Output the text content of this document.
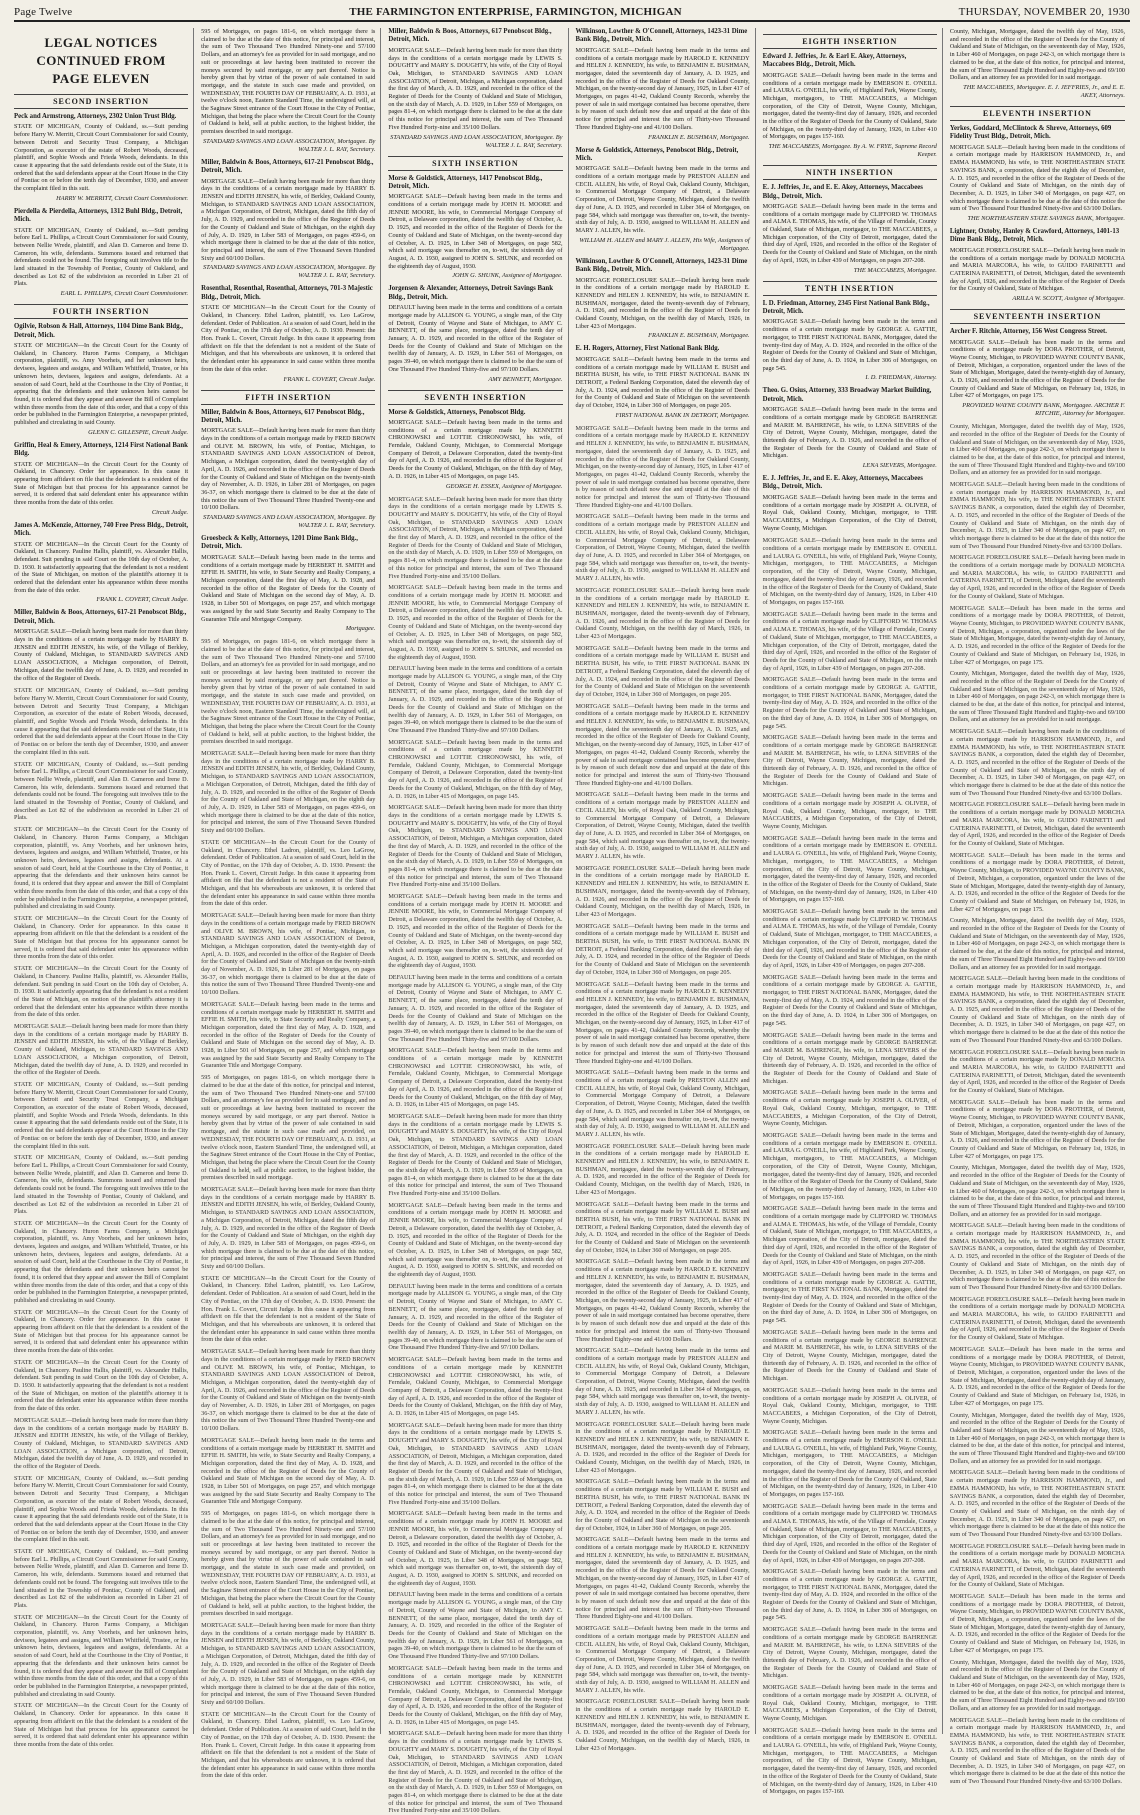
Page Twelve	THE FARMINGTON ENTERPRISE, FARMINGTON, MICHIGAN	THURSDAY, NOVEMBER 20, 1930
LEGAL NOTICES
CONTINUED FROM
PAGE ELEVEN
SECOND INSERTION

Peck and Armstrong, Attorneys, 2302 Union Trust Bldg.

STATE OF MICHIGAN, County of Oakland, ss.—Suit pending before Harry W. Merritt, Circuit Court Commissioner for said County, between Detroit and Security Trust Company, a Michigan Corporation, as executor of the estate of Robert Woods, deceased, plaintiff, and Sophie Woods and Frieda Woods, defendants. In this cause it appearing that the said defendants reside out of the State, it is ordered that the said defendants appear at the Court House in the City of Pontiac on or before the tenth day of December, 1930, and answer the complaint filed in this suit.

HARRY W. MERRITT, Circuit Court Commissioner.

Pierdella & Pierdella, Attorneys, 1312 Buhl Bldg., Detroit, Mich.

STATE OF MICHIGAN, County of Oakland, ss.—Suit pending before Earl L. Phillips, a Circuit Court Commissioner for said County, between Nellie Wrede, plaintiff, and Alan D. Cameron and Irene D. Cameron, his wife, defendants. Summons issued and returned that defendants could not be found. The foregoing suit involves title to the land situated in the Township of Pontiac, County of Oakland, and described as Lot 82 of the subdivision as recorded in Liber 21 of Plats.

EARL L. PHILLIPS, Circuit Court Commissioner.

FOURTH INSERTION

Ogilvie, Robson & Hall, Attorneys, 1104 Dime Bank Bldg., Detroit, Mich.

STATE OF MICHIGAN—In the Circuit Court for the County of Oakland, in Chancery. Huron Farms Company, a Michigan corporation, plaintiff, vs. Amy Voorheis, and her unknown heirs, devisees, legatees and assigns, and William Whitfield, Trustee, or his unknown heirs, devisees, legatees and assigns, defendants. At a session of said Court, held at the Courthouse in the City of Pontiac, it appearing that the defendants and their unknown heirs cannot be found, it is ordered that they appear and answer the Bill of Complaint within three months from the date of this order, and that a copy of this order be published in the Farmington Enterprise, a newspaper printed, published and circulating in said County.

GLENN C. GILLESPIE, Circuit Judge.

Griffin, Heal & Emery, Attorneys, 1214 First National Bank Bldg.

STATE OF MICHIGAN—In the Circuit Court for the County of Oakland, in Chancery. Order for appearance. In this cause it appearing from affidavit on file that the defendant is a resident of the State of Michigan but that process for his appearance cannot be served, it is ordered that said defendant enter his appearance within three months from the date of this order.

Circuit Judge.

James A. McKenzie, Attorney, 740 Free Press Bldg., Detroit, Mich.

STATE OF MICHIGAN—In the Circuit Court for the County of Oakland, in Chancery. Pauline Hallis, plaintiff, vs. Alexander Hallis, defendant. Suit pending in said Court on the 10th day of October, A. D. 1930. It satisfactorily appearing that the defendant is not a resident of the State of Michigan, on motion of the plaintiff's attorney it is ordered that the defendant enter his appearance within three months from the date of this order.

FRANK L. COVERT, Circuit Judge.

Miller, Baldwin & Boos, Attorneys, 617-21 Penobscot Bldg., Detroit, Mich.

MORTGAGE SALE—Default having been made for more than thirty days in the conditions of a certain mortgage made by HARRY B. JENSEN and EDITH JENSEN, his wife, of the Village of Berkley, County of Oakland, Michigan, to STANDARD SAVINGS AND LOAN ASSOCIATION, a Michigan corporation, of Detroit, Michigan, dated the twelfth day of June, A. D. 1929, and recorded in the office of the Register of Deeds.

STATE OF MICHIGAN, County of Oakland, ss.—Suit pending before Harry W. Merritt, Circuit Court Commissioner for said County, between Detroit and Security Trust Company, a Michigan Corporation, as executor of the estate of Robert Woods, deceased, plaintiff, and Sophie Woods and Frieda Woods, defendants. In this cause it appearing that the said defendants reside out of the State, it is ordered that the said defendants appear at the Court House in the City of Pontiac on or before the tenth day of December, 1930, and answer the complaint filed in this suit.

STATE OF MICHIGAN, County of Oakland, ss.—Suit pending before Earl L. Phillips, a Circuit Court Commissioner for said County, between Nellie Wrede, plaintiff, and Alan D. Cameron and Irene D. Cameron, his wife, defendants. Summons issued and returned that defendants could not be found. The foregoing suit involves title to the land situated in the Township of Pontiac, County of Oakland, and described as Lot 82 of the subdivision as recorded in Liber 21 of Plats.

STATE OF MICHIGAN—In the Circuit Court for the County of Oakland, in Chancery. Huron Farms Company, a Michigan corporation, plaintiff, vs. Amy Voorheis, and her unknown heirs, devisees, legatees and assigns, and William Whitfield, Trustee, or his unknown heirs, devisees, legatees and assigns, defendants. At a session of said Court, held at the Courthouse in the City of Pontiac, it appearing that the defendants and their unknown heirs cannot be found, it is ordered that they appear and answer the Bill of Complaint within three months from the date of this order, and that a copy of this order be published in the Farmington Enterprise, a newspaper printed, published and circulating in said County.

STATE OF MICHIGAN—In the Circuit Court for the County of Oakland, in Chancery. Order for appearance. In this cause it appearing from affidavit on file that the defendant is a resident of the State of Michigan but that process for his appearance cannot be served, it is ordered that said defendant enter his appearance within three months from the date of this order.

STATE OF MICHIGAN—In the Circuit Court for the County of Oakland, in Chancery. Pauline Hallis, plaintiff, vs. Alexander Hallis, defendant. Suit pending in said Court on the 10th day of October, A. D. 1930. It satisfactorily appearing that the defendant is not a resident of the State of Michigan, on motion of the plaintiff's attorney it is ordered that the defendant enter his appearance within three months from the date of this order.

MORTGAGE SALE—Default having been made for more than thirty days in the conditions of a certain mortgage made by HARRY B. JENSEN and EDITH JENSEN, his wife, of the Village of Berkley, County of Oakland, Michigan, to STANDARD SAVINGS AND LOAN ASSOCIATION, a Michigan corporation, of Detroit, Michigan, dated the twelfth day of June, A. D. 1929, and recorded in the office of the Register of Deeds.

STATE OF MICHIGAN, County of Oakland, ss.—Suit pending before Harry W. Merritt, Circuit Court Commissioner for said County, between Detroit and Security Trust Company, a Michigan Corporation, as executor of the estate of Robert Woods, deceased, plaintiff, and Sophie Woods and Frieda Woods, defendants. In this cause it appearing that the said defendants reside out of the State, it is ordered that the said defendants appear at the Court House in the City of Pontiac on or before the tenth day of December, 1930, and answer the complaint filed in this suit.

STATE OF MICHIGAN, County of Oakland, ss.—Suit pending before Earl L. Phillips, a Circuit Court Commissioner for said County, between Nellie Wrede, plaintiff, and Alan D. Cameron and Irene D. Cameron, his wife, defendants. Summons issued and returned that defendants could not be found. The foregoing suit involves title to the land situated in the Township of Pontiac, County of Oakland, and described as Lot 82 of the subdivision as recorded in Liber 21 of Plats.

STATE OF MICHIGAN—In the Circuit Court for the County of Oakland, in Chancery. Huron Farms Company, a Michigan corporation, plaintiff, vs. Amy Voorheis, and her unknown heirs, devisees, legatees and assigns, and William Whitfield, Trustee, or his unknown heirs, devisees, legatees and assigns, defendants. At a session of said Court, held at the Courthouse in the City of Pontiac, it appearing that the defendants and their unknown heirs cannot be found, it is ordered that they appear and answer the Bill of Complaint within three months from the date of this order, and that a copy of this order be published in the Farmington Enterprise, a newspaper printed, published and circulating in said County.

STATE OF MICHIGAN—In the Circuit Court for the County of Oakland, in Chancery. Order for appearance. In this cause it appearing from affidavit on file that the defendant is a resident of the State of Michigan but that process for his appearance cannot be served, it is ordered that said defendant enter his appearance within three months from the date of this order.

STATE OF MICHIGAN—In the Circuit Court for the County of Oakland, in Chancery. Pauline Hallis, plaintiff, vs. Alexander Hallis, defendant. Suit pending in said Court on the 10th day of October, A. D. 1930. It satisfactorily appearing that the defendant is not a resident of the State of Michigan, on motion of the plaintiff's attorney it is ordered that the defendant enter his appearance within three months from the date of this order.

MORTGAGE SALE—Default having been made for more than thirty days in the conditions of a certain mortgage made by HARRY B. JENSEN and EDITH JENSEN, his wife, of the Village of Berkley, County of Oakland, Michigan, to STANDARD SAVINGS AND LOAN ASSOCIATION, a Michigan corporation, of Detroit, Michigan, dated the twelfth day of June, A. D. 1929, and recorded in the office of the Register of Deeds.

STATE OF MICHIGAN, County of Oakland, ss.—Suit pending before Harry W. Merritt, Circuit Court Commissioner for said County, between Detroit and Security Trust Company, a Michigan Corporation, as executor of the estate of Robert Woods, deceased, plaintiff, and Sophie Woods and Frieda Woods, defendants. In this cause it appearing that the said defendants reside out of the State, it is ordered that the said defendants appear at the Court House in the City of Pontiac on or before the tenth day of December, 1930, and answer the complaint filed in this suit.

STATE OF MICHIGAN, County of Oakland, ss.—Suit pending before Earl L. Phillips, a Circuit Court Commissioner for said County, between Nellie Wrede, plaintiff, and Alan D. Cameron and Irene D. Cameron, his wife, defendants. Summons issued and returned that defendants could not be found. The foregoing suit involves title to the land situated in the Township of Pontiac, County of Oakland, and described as Lot 82 of the subdivision as recorded in Liber 21 of Plats.

STATE OF MICHIGAN—In the Circuit Court for the County of Oakland, in Chancery. Huron Farms Company, a Michigan corporation, plaintiff, vs. Amy Voorheis, and her unknown heirs, devisees, legatees and assigns, and William Whitfield, Trustee, or his unknown heirs, devisees, legatees and assigns, defendants. At a session of said Court, held at the Courthouse in the City of Pontiac, it appearing that the defendants and their unknown heirs cannot be found, it is ordered that they appear and answer the Bill of Complaint within three months from the date of this order, and that a copy of this order be published in the Farmington Enterprise, a newspaper printed, published and circulating in said County.

STATE OF MICHIGAN—In the Circuit Court for the County of Oakland, in Chancery. Order for appearance. In this cause it appearing from affidavit on file that the defendant is a resident of the State of Michigan but that process for his appearance cannot be served, it is ordered that said defendant enter his appearance within three months from the date of this order.

595 of Mortgages, on pages 181-6, on which mortgage there is claimed to be due at the date of this notice, for principal and interest, the sum of Two Thousand Two Hundred Ninety-one and 57/100 Dollars, and an attorney's fee as provided for in said mortgage, and no suit or proceedings at law having been instituted to recover the moneys secured by said mortgage, or any part thereof. Notice is hereby given that by virtue of the power of sale contained in said mortgage, and the statute in such case made and provided, on WEDNESDAY, THE FOURTH DAY OF FEBRUARY, A. D. 1931, at twelve o'clock noon, Eastern Standard Time, the undersigned will, at the Saginaw Street entrance of the Court House in the City of Pontiac, Michigan, that being the place where the Circuit Court for the County of Oakland is held, sell at public auction, to the highest bidder, the premises described in said mortgage.

STANDARD SAVINGS AND LOAN ASSOCIATION, Mortgagee. By WALTER J. L. RAY, Secretary.

Miller, Baldwin & Boos, Attorneys, 617-21 Penobscot Bldg., Detroit, Mich.

MORTGAGE SALE—Default having been made for more than thirty days in the conditions of a certain mortgage made by HARRY B. JENSEN and EDITH JENSEN, his wife, of Berkley, Oakland County, Michigan, to STANDARD SAVINGS AND LOAN ASSOCIATION, a Michigan Corporation, of Detroit, Michigan, dated the fifth day of July, A. D. 1929, and recorded in the office of the Register of Deeds for the County of Oakland and State of Michigan, on the eighth day of July, A. D. 1929, in Liber 583 of Mortgages, on pages 459-6, on which mortgage there is claimed to be due at the date of this notice, for principal and interest, the sum of Five Thousand Seven Hundred Sixty and 60/100 Dollars.

STANDARD SAVINGS AND LOAN ASSOCIATION, Mortgagee. By WALTER J. L. RAY, Secretary.

Rosenthal, Rosenthal, Rosenthal, Attorneys, 701-3 Majestic Bldg., Detroit, Mich.

STATE OF MICHIGAN—In the Circuit Court for the County of Oakland, in Chancery. Ethel Ladron, plaintiff, vs. Leo LaGrow, defendant. Order of Publication. At a session of said Court, held in the City of Pontiac, on the 17th day of October, A. D. 1930. Present: the Hon. Frank L. Covert, Circuit Judge. In this cause it appearing from affidavit on file that the defendant is not a resident of the State of Michigan, and that his whereabouts are unknown, it is ordered that the defendant enter his appearance in said cause within three months from the date of this order.

FRANK L. COVERT, Circuit Judge.

FIFTH INSERTION

Miller, Baldwin & Boos, Attorneys, 617 Penobscot Bldg., Detroit, Mich.

MORTGAGE SALE—Default having been made for more than thirty days in the conditions of a certain mortgage made by FRED BROWN and OLIVE M. BROWN, his wife, of Pontiac, Michigan, to STANDARD SAVINGS AND LOAN ASSOCIATION of Detroit, Michigan, a Michigan corporation, dated the twenty-eighth day of April, A. D. 1926, and recorded in the office of the Register of Deeds for the County of Oakland and State of Michigan on the twenty-ninth day of November, A. D. 1926, in Liber 281 of Mortgages, on pages 36-37, on which mortgage there is claimed to be due at the date of this notice the sum of Two Thousand Three Hundred Twenty-one and 10/100 Dollars.

STANDARD SAVINGS AND LOAN ASSOCIATION, Mortgagee. By WALTER J. L. RAY, Secretary.

Groesbeck & Kelly, Attorneys, 1201 Dime Bank Bldg., Detroit, Mich.

MORTGAGE SALE—Default having been made in the terms and conditions of a certain mortgage made by HERBERT H. SMITH and EFFIE H. SMITH, his wife, to State Security and Realty Company, a Michigan corporation, dated the first day of May, A. D. 1928, and recorded in the office of the Register of Deeds for the County of Oakland and State of Michigan on the second day of May, A. D. 1928, in Liber 501 of Mortgages, on page 257, and which mortgage was assigned by the said State Security and Realty Company to The Guarantee Title and Mortgage Company.

Mortgagee.

595 of Mortgages, on pages 181-6, on which mortgage there is claimed to be due at the date of this notice, for principal and interest, the sum of Two Thousand Two Hundred Ninety-one and 57/100 Dollars, and an attorney's fee as provided for in said mortgage, and no suit or proceedings at law having been instituted to recover the moneys secured by said mortgage, or any part thereof. Notice is hereby given that by virtue of the power of sale contained in said mortgage, and the statute in such case made and provided, on WEDNESDAY, THE FOURTH DAY OF FEBRUARY, A. D. 1931, at twelve o'clock noon, Eastern Standard Time, the undersigned will, at the Saginaw Street entrance of the Court House in the City of Pontiac, Michigan, that being the place where the Circuit Court for the County of Oakland is held, sell at public auction, to the highest bidder, the premises described in said mortgage.

MORTGAGE SALE—Default having been made for more than thirty days in the conditions of a certain mortgage made by HARRY B. JENSEN and EDITH JENSEN, his wife, of Berkley, Oakland County, Michigan, to STANDARD SAVINGS AND LOAN ASSOCIATION, a Michigan Corporation, of Detroit, Michigan, dated the fifth day of July, A. D. 1929, and recorded in the office of the Register of Deeds for the County of Oakland and State of Michigan, on the eighth day of July, A. D. 1929, in Liber 583 of Mortgages, on pages 459-6, on which mortgage there is claimed to be due at the date of this notice, for principal and interest, the sum of Five Thousand Seven Hundred Sixty and 60/100 Dollars.

STATE OF MICHIGAN—In the Circuit Court for the County of Oakland, in Chancery. Ethel Ladron, plaintiff, vs. Leo LaGrow, defendant. Order of Publication. At a session of said Court, held in the City of Pontiac, on the 17th day of October, A. D. 1930. Present: the Hon. Frank L. Covert, Circuit Judge. In this cause it appearing from affidavit on file that the defendant is not a resident of the State of Michigan, and that his whereabouts are unknown, it is ordered that the defendant enter his appearance in said cause within three months from the date of this order.

MORTGAGE SALE—Default having been made for more than thirty days in the conditions of a certain mortgage made by FRED BROWN and OLIVE M. BROWN, his wife, of Pontiac, Michigan, to STANDARD SAVINGS AND LOAN ASSOCIATION of Detroit, Michigan, a Michigan corporation, dated the twenty-eighth day of April, A. D. 1926, and recorded in the office of the Register of Deeds for the County of Oakland and State of Michigan on the twenty-ninth day of November, A. D. 1926, in Liber 281 of Mortgages, on pages 36-37, on which mortgage there is claimed to be due at the date of this notice the sum of Two Thousand Three Hundred Twenty-one and 10/100 Dollars.

MORTGAGE SALE—Default having been made in the terms and conditions of a certain mortgage made by HERBERT H. SMITH and EFFIE H. SMITH, his wife, to State Security and Realty Company, a Michigan corporation, dated the first day of May, A. D. 1928, and recorded in the office of the Register of Deeds for the County of Oakland and State of Michigan on the second day of May, A. D. 1928, in Liber 501 of Mortgages, on page 257, and which mortgage was assigned by the said State Security and Realty Company to The Guarantee Title and Mortgage Company.

595 of Mortgages, on pages 181-6, on which mortgage there is claimed to be due at the date of this notice, for principal and interest, the sum of Two Thousand Two Hundred Ninety-one and 57/100 Dollars, and an attorney's fee as provided for in said mortgage, and no suit or proceedings at law having been instituted to recover the moneys secured by said mortgage, or any part thereof. Notice is hereby given that by virtue of the power of sale contained in said mortgage, and the statute in such case made and provided, on WEDNESDAY, THE FOURTH DAY OF FEBRUARY, A. D. 1931, at twelve o'clock noon, Eastern Standard Time, the undersigned will, at the Saginaw Street entrance of the Court House in the City of Pontiac, Michigan, that being the place where the Circuit Court for the County of Oakland is held, sell at public auction, to the highest bidder, the premises described in said mortgage.

MORTGAGE SALE—Default having been made for more than thirty days in the conditions of a certain mortgage made by HARRY B. JENSEN and EDITH JENSEN, his wife, of Berkley, Oakland County, Michigan, to STANDARD SAVINGS AND LOAN ASSOCIATION, a Michigan Corporation, of Detroit, Michigan, dated the fifth day of July, A. D. 1929, and recorded in the office of the Register of Deeds for the County of Oakland and State of Michigan, on the eighth day of July, A. D. 1929, in Liber 583 of Mortgages, on pages 459-6, on which mortgage there is claimed to be due at the date of this notice, for principal and interest, the sum of Five Thousand Seven Hundred Sixty and 60/100 Dollars.

STATE OF MICHIGAN—In the Circuit Court for the County of Oakland, in Chancery. Ethel Ladron, plaintiff, vs. Leo LaGrow, defendant. Order of Publication. At a session of said Court, held in the City of Pontiac, on the 17th day of October, A. D. 1930. Present: the Hon. Frank L. Covert, Circuit Judge. In this cause it appearing from affidavit on file that the defendant is not a resident of the State of Michigan, and that his whereabouts are unknown, it is ordered that the defendant enter his appearance in said cause within three months from the date of this order.

MORTGAGE SALE—Default having been made for more than thirty days in the conditions of a certain mortgage made by FRED BROWN and OLIVE M. BROWN, his wife, of Pontiac, Michigan, to STANDARD SAVINGS AND LOAN ASSOCIATION of Detroit, Michigan, a Michigan corporation, dated the twenty-eighth day of April, A. D. 1926, and recorded in the office of the Register of Deeds for the County of Oakland and State of Michigan on the twenty-ninth day of November, A. D. 1926, in Liber 281 of Mortgages, on pages 36-37, on which mortgage there is claimed to be due at the date of this notice the sum of Two Thousand Three Hundred Twenty-one and 10/100 Dollars.

MORTGAGE SALE—Default having been made in the terms and conditions of a certain mortgage made by HERBERT H. SMITH and EFFIE H. SMITH, his wife, to State Security and Realty Company, a Michigan corporation, dated the first day of May, A. D. 1928, and recorded in the office of the Register of Deeds for the County of Oakland and State of Michigan on the second day of May, A. D. 1928, in Liber 501 of Mortgages, on page 257, and which mortgage was assigned by the said State Security and Realty Company to The Guarantee Title and Mortgage Company.

595 of Mortgages, on pages 181-6, on which mortgage there is claimed to be due at the date of this notice, for principal and interest, the sum of Two Thousand Two Hundred Ninety-one and 57/100 Dollars, and an attorney's fee as provided for in said mortgage, and no suit or proceedings at law having been instituted to recover the moneys secured by said mortgage, or any part thereof. Notice is hereby given that by virtue of the power of sale contained in said mortgage, and the statute in such case made and provided, on WEDNESDAY, THE FOURTH DAY OF FEBRUARY, A. D. 1931, at twelve o'clock noon, Eastern Standard Time, the undersigned will, at the Saginaw Street entrance of the Court House in the City of Pontiac, Michigan, that being the place where the Circuit Court for the County of Oakland is held, sell at public auction, to the highest bidder, the premises described in said mortgage.

MORTGAGE SALE—Default having been made for more than thirty days in the conditions of a certain mortgage made by HARRY B. JENSEN and EDITH JENSEN, his wife, of Berkley, Oakland County, Michigan, to STANDARD SAVINGS AND LOAN ASSOCIATION, a Michigan Corporation, of Detroit, Michigan, dated the fifth day of July, A. D. 1929, and recorded in the office of the Register of Deeds for the County of Oakland and State of Michigan, on the eighth day of July, A. D. 1929, in Liber 583 of Mortgages, on pages 459-6, on which mortgage there is claimed to be due at the date of this notice, for principal and interest, the sum of Five Thousand Seven Hundred Sixty and 60/100 Dollars.

STATE OF MICHIGAN—In the Circuit Court for the County of Oakland, in Chancery. Ethel Ladron, plaintiff, vs. Leo LaGrow, defendant. Order of Publication. At a session of said Court, held in the City of Pontiac, on the 17th day of October, A. D. 1930. Present: the Hon. Frank L. Covert, Circuit Judge. In this cause it appearing from affidavit on file that the defendant is not a resident of the State of Michigan, and that his whereabouts are unknown, it is ordered that the defendant enter his appearance in said cause within three months from the date of this order.

Miller, Baldwin & Boos, Attorneys, 617 Penobscot Bldg., Detroit, Mich.

MORTGAGE SALE—Default having been made for more than thirty days in the conditions of a certain mortgage made by LEWIS S. DOUGHTY and MARY S. DOUGHTY, his wife, of the City of Royal Oak, Michigan, to STANDARD SAVINGS AND LOAN ASSOCIATION, of Detroit, Michigan, a Michigan corporation, dated the first day of March, A. D. 1929, and recorded in the office of the Register of Deeds for the County of Oakland and State of Michigan, on the sixth day of March, A. D. 1929, in Liber 559 of Mortgages, on pages 81-4, on which mortgage there is claimed to be due at the date of this notice for principal and interest, the sum of Two Thousand Five Hundred Forty-nine and 35/100 Dollars.

STANDARD SAVINGS AND LOAN ASSOCIATION, Mortgagee. By WALTER J. L. RAY, Secretary.

SIXTH INSERTION

Morse & Goldstick, Attorneys, 1417 Penobscot Bldg., Detroit, Mich.

MORTGAGE SALE—Default having been made in the terms and conditions of a certain mortgage made by JOHN H. MOORE and JENNIE MOORE, his wife, to Commercial Mortgage Company of Detroit, a Delaware corporation, dated the twelfth day of October, A. D. 1925, and recorded in the office of the Register of Deeds for the County of Oakland and State of Michigan, on the twenty-second day of October, A. D. 1925, in Liber 348 of Mortgages, on page 582, which said mortgage was thereafter on, to-wit, the sixteenth day of August, A. D. 1930, assigned to JOHN S. SHUNK, and recorded on the eighteenth day of August, 1930.

JOHN G. SHUNK, Assignee of Mortgagee.

Jorgensen & Alexander, Attorneys, Detroit Savings Bank Bldg., Detroit, Mich.

DEFAULT having been made in the terms and conditions of a certain mortgage made by ALLISON G. YOUNG, a single man, of the City of Detroit, County of Wayne and State of Michigan, to AMY C. BENNETT, of the same place, mortgagee, dated the tenth day of January, A. D. 1929, and recorded in the office of the Register of Deeds for the County of Oakland and State of Michigan on the twelfth day of January, A. D. 1929, in Liber 561 of Mortgages, on pages 39-40, on which mortgage there is claimed to be due the sum of One Thousand Five Hundred Thirty-five and 97/100 Dollars.

AMY BENNETT, Mortgagee.

SEVENTH INSERTION

Morse & Goldstick, Attorneys, Penobscot Bldg.

MORTGAGE SALE—Default having been made in the terms and conditions of a certain mortgage made by KENNETH CHRONOWSKI and LOTTIE CHRONOWSKI, his wife, of Ferndale, Oakland County, Michigan, to Commercial Mortgage Company of Detroit, a Delaware Corporation, dated the twenty-first day of April, A. D. 1926, and recorded in the office of the Register of Deeds for the County of Oakland, Michigan, on the fifth day of May, A. D. 1926, in Liber 415 of Mortgages, on page 145.

GEORGE H. ESSEX, Assignee of Mortgagee.

MORTGAGE SALE—Default having been made for more than thirty days in the conditions of a certain mortgage made by LEWIS S. DOUGHTY and MARY S. DOUGHTY, his wife, of the City of Royal Oak, Michigan, to STANDARD SAVINGS AND LOAN ASSOCIATION, of Detroit, Michigan, a Michigan corporation, dated the first day of March, A. D. 1929, and recorded in the office of the Register of Deeds for the County of Oakland and State of Michigan, on the sixth day of March, A. D. 1929, in Liber 559 of Mortgages, on pages 81-4, on which mortgage there is claimed to be due at the date of this notice for principal and interest, the sum of Two Thousand Five Hundred Forty-nine and 35/100 Dollars.

MORTGAGE SALE—Default having been made in the terms and conditions of a certain mortgage made by JOHN H. MOORE and JENNIE MOORE, his wife, to Commercial Mortgage Company of Detroit, a Delaware corporation, dated the twelfth day of October, A. D. 1925, and recorded in the office of the Register of Deeds for the County of Oakland and State of Michigan, on the twenty-second day of October, A. D. 1925, in Liber 348 of Mortgages, on page 582, which said mortgage was thereafter on, to-wit, the sixteenth day of August, A. D. 1930, assigned to JOHN S. SHUNK, and recorded on the eighteenth day of August, 1930.

DEFAULT having been made in the terms and conditions of a certain mortgage made by ALLISON G. YOUNG, a single man, of the City of Detroit, County of Wayne and State of Michigan, to AMY C. BENNETT, of the same place, mortgagee, dated the tenth day of January, A. D. 1929, and recorded in the office of the Register of Deeds for the County of Oakland and State of Michigan on the twelfth day of January, A. D. 1929, in Liber 561 of Mortgages, on pages 39-40, on which mortgage there is claimed to be due the sum of One Thousand Five Hundred Thirty-five and 97/100 Dollars.

MORTGAGE SALE—Default having been made in the terms and conditions of a certain mortgage made by KENNETH CHRONOWSKI and LOTTIE CHRONOWSKI, his wife, of Ferndale, Oakland County, Michigan, to Commercial Mortgage Company of Detroit, a Delaware Corporation, dated the twenty-first day of April, A. D. 1926, and recorded in the office of the Register of Deeds for the County of Oakland, Michigan, on the fifth day of May, A. D. 1926, in Liber 415 of Mortgages, on page 145.

MORTGAGE SALE—Default having been made for more than thirty days in the conditions of a certain mortgage made by LEWIS S. DOUGHTY and MARY S. DOUGHTY, his wife, of the City of Royal Oak, Michigan, to STANDARD SAVINGS AND LOAN ASSOCIATION, of Detroit, Michigan, a Michigan corporation, dated the first day of March, A. D. 1929, and recorded in the office of the Register of Deeds for the County of Oakland and State of Michigan, on the sixth day of March, A. D. 1929, in Liber 559 of Mortgages, on pages 81-4, on which mortgage there is claimed to be due at the date of this notice for principal and interest, the sum of Two Thousand Five Hundred Forty-nine and 35/100 Dollars.

MORTGAGE SALE—Default having been made in the terms and conditions of a certain mortgage made by JOHN H. MOORE and JENNIE MOORE, his wife, to Commercial Mortgage Company of Detroit, a Delaware corporation, dated the twelfth day of October, A. D. 1925, and recorded in the office of the Register of Deeds for the County of Oakland and State of Michigan, on the twenty-second day of October, A. D. 1925, in Liber 348 of Mortgages, on page 582, which said mortgage was thereafter on, to-wit, the sixteenth day of August, A. D. 1930, assigned to JOHN S. SHUNK, and recorded on the eighteenth day of August, 1930.

DEFAULT having been made in the terms and conditions of a certain mortgage made by ALLISON G. YOUNG, a single man, of the City of Detroit, County of Wayne and State of Michigan, to AMY C. BENNETT, of the same place, mortgagee, dated the tenth day of January, A. D. 1929, and recorded in the office of the Register of Deeds for the County of Oakland and State of Michigan on the twelfth day of January, A. D. 1929, in Liber 561 of Mortgages, on pages 39-40, on which mortgage there is claimed to be due the sum of One Thousand Five Hundred Thirty-five and 97/100 Dollars.

MORTGAGE SALE—Default having been made in the terms and conditions of a certain mortgage made by KENNETH CHRONOWSKI and LOTTIE CHRONOWSKI, his wife, of Ferndale, Oakland County, Michigan, to Commercial Mortgage Company of Detroit, a Delaware Corporation, dated the twenty-first day of April, A. D. 1926, and recorded in the office of the Register of Deeds for the County of Oakland, Michigan, on the fifth day of May, A. D. 1926, in Liber 415 of Mortgages, on page 145.

MORTGAGE SALE—Default having been made for more than thirty days in the conditions of a certain mortgage made by LEWIS S. DOUGHTY and MARY S. DOUGHTY, his wife, of the City of Royal Oak, Michigan, to STANDARD SAVINGS AND LOAN ASSOCIATION, of Detroit, Michigan, a Michigan corporation, dated the first day of March, A. D. 1929, and recorded in the office of the Register of Deeds for the County of Oakland and State of Michigan, on the sixth day of March, A. D. 1929, in Liber 559 of Mortgages, on pages 81-4, on which mortgage there is claimed to be due at the date of this notice for principal and interest, the sum of Two Thousand Five Hundred Forty-nine and 35/100 Dollars.

MORTGAGE SALE—Default having been made in the terms and conditions of a certain mortgage made by JOHN H. MOORE and JENNIE MOORE, his wife, to Commercial Mortgage Company of Detroit, a Delaware corporation, dated the twelfth day of October, A. D. 1925, and recorded in the office of the Register of Deeds for the County of Oakland and State of Michigan, on the twenty-second day of October, A. D. 1925, in Liber 348 of Mortgages, on page 582, which said mortgage was thereafter on, to-wit, the sixteenth day of August, A. D. 1930, assigned to JOHN S. SHUNK, and recorded on the eighteenth day of August, 1930.

DEFAULT having been made in the terms and conditions of a certain mortgage made by ALLISON G. YOUNG, a single man, of the City of Detroit, County of Wayne and State of Michigan, to AMY C. BENNETT, of the same place, mortgagee, dated the tenth day of January, A. D. 1929, and recorded in the office of the Register of Deeds for the County of Oakland and State of Michigan on the twelfth day of January, A. D. 1929, in Liber 561 of Mortgages, on pages 39-40, on which mortgage there is claimed to be due the sum of One Thousand Five Hundred Thirty-five and 97/100 Dollars.

MORTGAGE SALE—Default having been made in the terms and conditions of a certain mortgage made by KENNETH CHRONOWSKI and LOTTIE CHRONOWSKI, his wife, of Ferndale, Oakland County, Michigan, to Commercial Mortgage Company of Detroit, a Delaware Corporation, dated the twenty-first day of April, A. D. 1926, and recorded in the office of the Register of Deeds for the County of Oakland, Michigan, on the fifth day of May, A. D. 1926, in Liber 415 of Mortgages, on page 145.

MORTGAGE SALE—Default having been made for more than thirty days in the conditions of a certain mortgage made by LEWIS S. DOUGHTY and MARY S. DOUGHTY, his wife, of the City of Royal Oak, Michigan, to STANDARD SAVINGS AND LOAN ASSOCIATION, of Detroit, Michigan, a Michigan corporation, dated the first day of March, A. D. 1929, and recorded in the office of the Register of Deeds for the County of Oakland and State of Michigan, on the sixth day of March, A. D. 1929, in Liber 559 of Mortgages, on pages 81-4, on which mortgage there is claimed to be due at the date of this notice for principal and interest, the sum of Two Thousand Five Hundred Forty-nine and 35/100 Dollars.

MORTGAGE SALE—Default having been made in the terms and conditions of a certain mortgage made by JOHN H. MOORE and JENNIE MOORE, his wife, to Commercial Mortgage Company of Detroit, a Delaware corporation, dated the twelfth day of October, A. D. 1925, and recorded in the office of the Register of Deeds for the County of Oakland and State of Michigan, on the twenty-second day of October, A. D. 1925, in Liber 348 of Mortgages, on page 582, which said mortgage was thereafter on, to-wit, the sixteenth day of August, A. D. 1930, assigned to JOHN S. SHUNK, and recorded on the eighteenth day of August, 1930.

DEFAULT having been made in the terms and conditions of a certain mortgage made by ALLISON G. YOUNG, a single man, of the City of Detroit, County of Wayne and State of Michigan, to AMY C. BENNETT, of the same place, mortgagee, dated the tenth day of January, A. D. 1929, and recorded in the office of the Register of Deeds for the County of Oakland and State of Michigan on the twelfth day of January, A. D. 1929, in Liber 561 of Mortgages, on pages 39-40, on which mortgage there is claimed to be due the sum of One Thousand Five Hundred Thirty-five and 97/100 Dollars.

MORTGAGE SALE—Default having been made in the terms and conditions of a certain mortgage made by KENNETH CHRONOWSKI and LOTTIE CHRONOWSKI, his wife, of Ferndale, Oakland County, Michigan, to Commercial Mortgage Company of Detroit, a Delaware Corporation, dated the twenty-first day of April, A. D. 1926, and recorded in the office of the Register of Deeds for the County of Oakland, Michigan, on the fifth day of May, A. D. 1926, in Liber 415 of Mortgages, on page 145.

MORTGAGE SALE—Default having been made for more than thirty days in the conditions of a certain mortgage made by LEWIS S. DOUGHTY and MARY S. DOUGHTY, his wife, of the City of Royal Oak, Michigan, to STANDARD SAVINGS AND LOAN ASSOCIATION, of Detroit, Michigan, a Michigan corporation, dated the first day of March, A. D. 1929, and recorded in the office of the Register of Deeds for the County of Oakland and State of Michigan, on the sixth day of March, A. D. 1929, in Liber 559 of Mortgages, on pages 81-4, on which mortgage there is claimed to be due at the date of this notice for principal and interest, the sum of Two Thousand Five Hundred Forty-nine and 35/100 Dollars.

Wilkinson, Lowther & O'Connell, Attorneys, 1423-31 Dime Bank Bldg., Detroit, Mich.

MORTGAGE SALE—Default having been made in the terms and conditions of a certain mortgage made by HAROLD E. KENNEDY and HELEN J. KENNEDY, his wife, to BENJAMIN E. BUSHMAN, mortgagee, dated the seventeenth day of January, A. D. 1925, and recorded in the office of the Register of Deeds for Oakland County, Michigan, on the twenty-second day of January, 1925, in Liber 417 of Mortgages, on pages 41-42, Oakland County Records, whereby the power of sale in said mortgage contained has become operative, there is by reason of such default now due and unpaid at the date of this notice for principal and interest the sum of Thirty-two Thousand Three Hundred Eighty-one and 41/100 Dollars.

FRANKLIN E. BUSHMAN, Mortgagee.

Morse & Goldstick, Attorneys, Penobscot Bldg., Detroit, Mich.

MORTGAGE SALE—Default having been made in the terms and conditions of a certain mortgage made by PRESTON ALLEN and CECIL ALLEN, his wife, of Royal Oak, Oakland County, Michigan, to Commercial Mortgage Company of Detroit, a Delaware Corporation, of Detroit, Wayne County, Michigan, dated the twelfth day of June, A. D. 1925, and recorded in Liber 364 of Mortgages, on page 584, which said mortgage was thereafter on, to-wit, the twenty-sixth day of July, A. D. 1930, assigned to WILLIAM H. ALLEN and MARY J. ALLEN, his wife.

WILLIAM H. ALLEN and MARY J. ALLEN, His Wife, Assignees of Mortgagee.

Wilkinson, Lowther & O'Connell, Attorneys, 1423-31 Dime Bank Bldg., Detroit, Mich.

MORTGAGE FORECLOSURE SALE—Default having been made in the conditions of a certain mortgage made by HAROLD E. KENNEDY and HELEN J. KENNEDY, his wife, to BENJAMIN E. BUSHMAN, mortgagee, dated the twenty-seventh day of February, A. D. 1926, and recorded in the office of the Register of Deeds for Oakland County, Michigan, on the twelfth day of March, 1926, in Liber 423 of Mortgages.

FRANKLIN E. BUSHMAN, Mortgagee.

E. H. Rogers, Attorney, First National Bank Bldg.

MORTGAGE SALE—Default having been made in the terms and conditions of a certain mortgage made by WILLIAM E. BUSH and BERTHA BUSH, his wife, to THE FIRST NATIONAL BANK IN DETROIT, a Federal Banking Corporation, dated the eleventh day of July, A. D. 1924, and recorded in the office of the Register of Deeds for the County of Oakland and State of Michigan on the seventeenth day of October, 1924, in Liber 360 of Mortgages, on page 205.

FIRST NATIONAL BANK IN DETROIT, Mortgagee.

MORTGAGE SALE—Default having been made in the terms and conditions of a certain mortgage made by HAROLD E. KENNEDY and HELEN J. KENNEDY, his wife, to BENJAMIN E. BUSHMAN, mortgagee, dated the seventeenth day of January, A. D. 1925, and recorded in the office of the Register of Deeds for Oakland County, Michigan, on the twenty-second day of January, 1925, in Liber 417 of Mortgages, on pages 41-42, Oakland County Records, whereby the power of sale in said mortgage contained has become operative, there is by reason of such default now due and unpaid at the date of this notice for principal and interest the sum of Thirty-two Thousand Three Hundred Eighty-one and 41/100 Dollars.

MORTGAGE SALE—Default having been made in the terms and conditions of a certain mortgage made by PRESTON ALLEN and CECIL ALLEN, his wife, of Royal Oak, Oakland County, Michigan, to Commercial Mortgage Company of Detroit, a Delaware Corporation, of Detroit, Wayne County, Michigan, dated the twelfth day of June, A. D. 1925, and recorded in Liber 364 of Mortgages, on page 584, which said mortgage was thereafter on, to-wit, the twenty-sixth day of July, A. D. 1930, assigned to WILLIAM H. ALLEN and MARY J. ALLEN, his wife.

MORTGAGE FORECLOSURE SALE—Default having been made in the conditions of a certain mortgage made by HAROLD E. KENNEDY and HELEN J. KENNEDY, his wife, to BENJAMIN E. BUSHMAN, mortgagee, dated the twenty-seventh day of February, A. D. 1926, and recorded in the office of the Register of Deeds for Oakland County, Michigan, on the twelfth day of March, 1926, in Liber 423 of Mortgages.

MORTGAGE SALE—Default having been made in the terms and conditions of a certain mortgage made by WILLIAM E. BUSH and BERTHA BUSH, his wife, to THE FIRST NATIONAL BANK IN DETROIT, a Federal Banking Corporation, dated the eleventh day of July, A. D. 1924, and recorded in the office of the Register of Deeds for the County of Oakland and State of Michigan on the seventeenth day of October, 1924, in Liber 360 of Mortgages, on page 205.

MORTGAGE SALE—Default having been made in the terms and conditions of a certain mortgage made by HAROLD E. KENNEDY and HELEN J. KENNEDY, his wife, to BENJAMIN E. BUSHMAN, mortgagee, dated the seventeenth day of January, A. D. 1925, and recorded in the office of the Register of Deeds for Oakland County, Michigan, on the twenty-second day of January, 1925, in Liber 417 of Mortgages, on pages 41-42, Oakland County Records, whereby the power of sale in said mortgage contained has become operative, there is by reason of such default now due and unpaid at the date of this notice for principal and interest the sum of Thirty-two Thousand Three Hundred Eighty-one and 41/100 Dollars.

MORTGAGE SALE—Default having been made in the terms and conditions of a certain mortgage made by PRESTON ALLEN and CECIL ALLEN, his wife, of Royal Oak, Oakland County, Michigan, to Commercial Mortgage Company of Detroit, a Delaware Corporation, of Detroit, Wayne County, Michigan, dated the twelfth day of June, A. D. 1925, and recorded in Liber 364 of Mortgages, on page 584, which said mortgage was thereafter on, to-wit, the twenty-sixth day of July, A. D. 1930, assigned to WILLIAM H. ALLEN and MARY J. ALLEN, his wife.

MORTGAGE FORECLOSURE SALE—Default having been made in the conditions of a certain mortgage made by HAROLD E. KENNEDY and HELEN J. KENNEDY, his wife, to BENJAMIN E. BUSHMAN, mortgagee, dated the twenty-seventh day of February, A. D. 1926, and recorded in the office of the Register of Deeds for Oakland County, Michigan, on the twelfth day of March, 1926, in Liber 423 of Mortgages.

MORTGAGE SALE—Default having been made in the terms and conditions of a certain mortgage made by WILLIAM E. BUSH and BERTHA BUSH, his wife, to THE FIRST NATIONAL BANK IN DETROIT, a Federal Banking Corporation, dated the eleventh day of July, A. D. 1924, and recorded in the office of the Register of Deeds for the County of Oakland and State of Michigan on the seventeenth day of October, 1924, in Liber 360 of Mortgages, on page 205.

MORTGAGE SALE—Default having been made in the terms and conditions of a certain mortgage made by HAROLD E. KENNEDY and HELEN J. KENNEDY, his wife, to BENJAMIN E. BUSHMAN, mortgagee, dated the seventeenth day of January, A. D. 1925, and recorded in the office of the Register of Deeds for Oakland County, Michigan, on the twenty-second day of January, 1925, in Liber 417 of Mortgages, on pages 41-42, Oakland County Records, whereby the power of sale in said mortgage contained has become operative, there is by reason of such default now due and unpaid at the date of this notice for principal and interest the sum of Thirty-two Thousand Three Hundred Eighty-one and 41/100 Dollars.

MORTGAGE SALE—Default having been made in the terms and conditions of a certain mortgage made by PRESTON ALLEN and CECIL ALLEN, his wife, of Royal Oak, Oakland County, Michigan, to Commercial Mortgage Company of Detroit, a Delaware Corporation, of Detroit, Wayne County, Michigan, dated the twelfth day of June, A. D. 1925, and recorded in Liber 364 of Mortgages, on page 584, which said mortgage was thereafter on, to-wit, the twenty-sixth day of July, A. D. 1930, assigned to WILLIAM H. ALLEN and MARY J. ALLEN, his wife.

MORTGAGE FORECLOSURE SALE—Default having been made in the conditions of a certain mortgage made by HAROLD E. KENNEDY and HELEN J. KENNEDY, his wife, to BENJAMIN E. BUSHMAN, mortgagee, dated the twenty-seventh day of February, A. D. 1926, and recorded in the office of the Register of Deeds for Oakland County, Michigan, on the twelfth day of March, 1926, in Liber 423 of Mortgages.

MORTGAGE SALE—Default having been made in the terms and conditions of a certain mortgage made by WILLIAM E. BUSH and BERTHA BUSH, his wife, to THE FIRST NATIONAL BANK IN DETROIT, a Federal Banking Corporation, dated the eleventh day of July, A. D. 1924, and recorded in the office of the Register of Deeds for the County of Oakland and State of Michigan on the seventeenth day of October, 1924, in Liber 360 of Mortgages, on page 205.

MORTGAGE SALE—Default having been made in the terms and conditions of a certain mortgage made by HAROLD E. KENNEDY and HELEN J. KENNEDY, his wife, to BENJAMIN E. BUSHMAN, mortgagee, dated the seventeenth day of January, A. D. 1925, and recorded in the office of the Register of Deeds for Oakland County, Michigan, on the twenty-second day of January, 1925, in Liber 417 of Mortgages, on pages 41-42, Oakland County Records, whereby the power of sale in said mortgage contained has become operative, there is by reason of such default now due and unpaid at the date of this notice for principal and interest the sum of Thirty-two Thousand Three Hundred Eighty-one and 41/100 Dollars.

MORTGAGE SALE—Default having been made in the terms and conditions of a certain mortgage made by PRESTON ALLEN and CECIL ALLEN, his wife, of Royal Oak, Oakland County, Michigan, to Commercial Mortgage Company of Detroit, a Delaware Corporation, of Detroit, Wayne County, Michigan, dated the twelfth day of June, A. D. 1925, and recorded in Liber 364 of Mortgages, on page 584, which said mortgage was thereafter on, to-wit, the twenty-sixth day of July, A. D. 1930, assigned to WILLIAM H. ALLEN and MARY J. ALLEN, his wife.

MORTGAGE FORECLOSURE SALE—Default having been made in the conditions of a certain mortgage made by HAROLD E. KENNEDY and HELEN J. KENNEDY, his wife, to BENJAMIN E. BUSHMAN, mortgagee, dated the twenty-seventh day of February, A. D. 1926, and recorded in the office of the Register of Deeds for Oakland County, Michigan, on the twelfth day of March, 1926, in Liber 423 of Mortgages.

MORTGAGE SALE—Default having been made in the terms and conditions of a certain mortgage made by WILLIAM E. BUSH and BERTHA BUSH, his wife, to THE FIRST NATIONAL BANK IN DETROIT, a Federal Banking Corporation, dated the eleventh day of July, A. D. 1924, and recorded in the office of the Register of Deeds for the County of Oakland and State of Michigan on the seventeenth day of October, 1924, in Liber 360 of Mortgages, on page 205.

MORTGAGE SALE—Default having been made in the terms and conditions of a certain mortgage made by HAROLD E. KENNEDY and HELEN J. KENNEDY, his wife, to BENJAMIN E. BUSHMAN, mortgagee, dated the seventeenth day of January, A. D. 1925, and recorded in the office of the Register of Deeds for Oakland County, Michigan, on the twenty-second day of January, 1925, in Liber 417 of Mortgages, on pages 41-42, Oakland County Records, whereby the power of sale in said mortgage contained has become operative, there is by reason of such default now due and unpaid at the date of this notice for principal and interest the sum of Thirty-two Thousand Three Hundred Eighty-one and 41/100 Dollars.

MORTGAGE SALE—Default having been made in the terms and conditions of a certain mortgage made by PRESTON ALLEN and CECIL ALLEN, his wife, of Royal Oak, Oakland County, Michigan, to Commercial Mortgage Company of Detroit, a Delaware Corporation, of Detroit, Wayne County, Michigan, dated the twelfth day of June, A. D. 1925, and recorded in Liber 364 of Mortgages, on page 584, which said mortgage was thereafter on, to-wit, the twenty-sixth day of July, A. D. 1930, assigned to WILLIAM H. ALLEN and MARY J. ALLEN, his wife.

MORTGAGE FORECLOSURE SALE—Default having been made in the conditions of a certain mortgage made by HAROLD E. KENNEDY and HELEN J. KENNEDY, his wife, to BENJAMIN E. BUSHMAN, mortgagee, dated the twenty-seventh day of February, A. D. 1926, and recorded in the office of the Register of Deeds for Oakland County, Michigan, on the twelfth day of March, 1926, in Liber 423 of Mortgages.

EIGHTH INSERTION

Edward J. Jeffries, Jr. & Earl E. Akey, Attorneys, Maccabees Bldg., Detroit, Mich.

MORTGAGE SALE—Default having been made in the terms and conditions of a certain mortgage made by EMERSON E. O'NEILL and LAURA G. O'NEILL, his wife, of Highland Park, Wayne County, Michigan, mortgagors, to THE MACCABEES, a Michigan corporation, of the City of Detroit, Wayne County, Michigan, mortgagee, dated the twenty-first day of January, 1926, and recorded in the office of the Register of Deeds for the County of Oakland, State of Michigan, on the twenty-third day of January, 1926, in Liber 410 of Mortgages, on pages 157-160.

THE MACCABEES, Mortgagee. By A. W. FRYE, Supreme Record Keeper.

NINTH INSERTION

E. J. Jeffries, Jr., and E. E. Akey, Attorneys, Maccabees Bldg., Detroit, Mich.

MORTGAGE SALE—Default having been made in the terms and conditions of a certain mortgage made by CLIFFORD W. THOMAS and ALMA E. THOMAS, his wife, of the Village of Ferndale, County of Oakland, State of Michigan, mortgagor, to THE MACCABEES, a Michigan corporation, of the City of Detroit, mortgagee, dated the third day of April, 1926, and recorded in the office of the Register of Deeds for the County of Oakland and State of Michigan, on the ninth day of April, 1926, in Liber 439 of Mortgages, on pages 207-208.

THE MACCABEES, Mortgagee.

TENTH INSERTION

I. D. Friedman, Attorney, 2345 First National Bank Bldg., Detroit, Mich.

MORTGAGE SALE—Default having been made in the terms and conditions of a certain mortgage made by GEORGE A. GATTIE, mortgagor, to THE FIRST NATIONAL BANK, Mortgagee, dated the twenty-first day of May, A. D. 1924, and recorded in the office of the Register of Deeds for the County of Oakland and State of Michigan, on the third day of June, A. D. 1924, in Liber 306 of Mortgages, on page 545.

I. D. FRIEDMAN, Attorney.

Theo. G. Osius, Attorney, 333 Broadway Market Building, Detroit, Mich.

MORTGAGE SALE—Default having been made in the terms and conditions of a certain mortgage made by GEORGE BAHRENGE and MARIE M. BAHRENGE, his wife, to LENA SIEVERS of the City of Detroit, Wayne County, Michigan, mortgagee, dated the thirteenth day of February, A. D. 1926, and recorded in the office of the Register of Deeds for the County of Oakland and State of Michigan.

LENA SIEVERS, Mortgagee.

E. J. Jeffries, Jr., and E. E. Akey, Attorneys, Maccabees Bldg., Detroit, Mich.

MORTGAGE SALE—Default having been made in the terms and conditions of a certain mortgage made by JOSEPH A. OLIVER, of Royal Oak, Oakland County, Michigan, mortgagor, to THE MACCABEES, a Michigan Corporation, of the City of Detroit, Wayne County, Michigan.

MORTGAGE SALE—Default having been made in the terms and conditions of a certain mortgage made by EMERSON E. O'NEILL and LAURA G. O'NEILL, his wife, of Highland Park, Wayne County, Michigan, mortgagors, to THE MACCABEES, a Michigan corporation, of the City of Detroit, Wayne County, Michigan, mortgagee, dated the twenty-first day of January, 1926, and recorded in the office of the Register of Deeds for the County of Oakland, State of Michigan, on the twenty-third day of January, 1926, in Liber 410 of Mortgages, on pages 157-160.

MORTGAGE SALE—Default having been made in the terms and conditions of a certain mortgage made by CLIFFORD W. THOMAS and ALMA E. THOMAS, his wife, of the Village of Ferndale, County of Oakland, State of Michigan, mortgagor, to THE MACCABEES, a Michigan corporation, of the City of Detroit, mortgagee, dated the third day of April, 1926, and recorded in the office of the Register of Deeds for the County of Oakland and State of Michigan, on the ninth day of April, 1926, in Liber 439 of Mortgages, on pages 207-208.

MORTGAGE SALE—Default having been made in the terms and conditions of a certain mortgage made by GEORGE A. GATTIE, mortgagor, to THE FIRST NATIONAL BANK, Mortgagee, dated the twenty-first day of May, A. D. 1924, and recorded in the office of the Register of Deeds for the County of Oakland and State of Michigan, on the third day of June, A. D. 1924, in Liber 306 of Mortgages, on page 545.

MORTGAGE SALE—Default having been made in the terms and conditions of a certain mortgage made by GEORGE BAHRENGE and MARIE M. BAHRENGE, his wife, to LENA SIEVERS of the City of Detroit, Wayne County, Michigan, mortgagee, dated the thirteenth day of February, A. D. 1926, and recorded in the office of the Register of Deeds for the County of Oakland and State of Michigan.

MORTGAGE SALE—Default having been made in the terms and conditions of a certain mortgage made by JOSEPH A. OLIVER, of Royal Oak, Oakland County, Michigan, mortgagor, to THE MACCABEES, a Michigan Corporation, of the City of Detroit, Wayne County, Michigan.

MORTGAGE SALE—Default having been made in the terms and conditions of a certain mortgage made by EMERSON E. O'NEILL and LAURA G. O'NEILL, his wife, of Highland Park, Wayne County, Michigan, mortgagors, to THE MACCABEES, a Michigan corporation, of the City of Detroit, Wayne County, Michigan, mortgagee, dated the twenty-first day of January, 1926, and recorded in the office of the Register of Deeds for the County of Oakland, State of Michigan, on the twenty-third day of January, 1926, in Liber 410 of Mortgages, on pages 157-160.

MORTGAGE SALE—Default having been made in the terms and conditions of a certain mortgage made by CLIFFORD W. THOMAS and ALMA E. THOMAS, his wife, of the Village of Ferndale, County of Oakland, State of Michigan, mortgagor, to THE MACCABEES, a Michigan corporation, of the City of Detroit, mortgagee, dated the third day of April, 1926, and recorded in the office of the Register of Deeds for the County of Oakland and State of Michigan, on the ninth day of April, 1926, in Liber 439 of Mortgages, on pages 207-208.

MORTGAGE SALE—Default having been made in the terms and conditions of a certain mortgage made by GEORGE A. GATTIE, mortgagor, to THE FIRST NATIONAL BANK, Mortgagee, dated the twenty-first day of May, A. D. 1924, and recorded in the office of the Register of Deeds for the County of Oakland and State of Michigan, on the third day of June, A. D. 1924, in Liber 306 of Mortgages, on page 545.

MORTGAGE SALE—Default having been made in the terms and conditions of a certain mortgage made by GEORGE BAHRENGE and MARIE M. BAHRENGE, his wife, to LENA SIEVERS of the City of Detroit, Wayne County, Michigan, mortgagee, dated the thirteenth day of February, A. D. 1926, and recorded in the office of the Register of Deeds for the County of Oakland and State of Michigan.

MORTGAGE SALE—Default having been made in the terms and conditions of a certain mortgage made by JOSEPH A. OLIVER, of Royal Oak, Oakland County, Michigan, mortgagor, to THE MACCABEES, a Michigan Corporation, of the City of Detroit, Wayne County, Michigan.

MORTGAGE SALE—Default having been made in the terms and conditions of a certain mortgage made by EMERSON E. O'NEILL and LAURA G. O'NEILL, his wife, of Highland Park, Wayne County, Michigan, mortgagors, to THE MACCABEES, a Michigan corporation, of the City of Detroit, Wayne County, Michigan, mortgagee, dated the twenty-first day of January, 1926, and recorded in the office of the Register of Deeds for the County of Oakland, State of Michigan, on the twenty-third day of January, 1926, in Liber 410 of Mortgages, on pages 157-160.

MORTGAGE SALE—Default having been made in the terms and conditions of a certain mortgage made by CLIFFORD W. THOMAS and ALMA E. THOMAS, his wife, of the Village of Ferndale, County of Oakland, State of Michigan, mortgagor, to THE MACCABEES, a Michigan corporation, of the City of Detroit, mortgagee, dated the third day of April, 1926, and recorded in the office of the Register of Deeds for the County of Oakland and State of Michigan, on the ninth day of April, 1926, in Liber 439 of Mortgages, on pages 207-208.

MORTGAGE SALE—Default having been made in the terms and conditions of a certain mortgage made by GEORGE A. GATTIE, mortgagor, to THE FIRST NATIONAL BANK, Mortgagee, dated the twenty-first day of May, A. D. 1924, and recorded in the office of the Register of Deeds for the County of Oakland and State of Michigan, on the third day of June, A. D. 1924, in Liber 306 of Mortgages, on page 545.

MORTGAGE SALE—Default having been made in the terms and conditions of a certain mortgage made by GEORGE BAHRENGE and MARIE M. BAHRENGE, his wife, to LENA SIEVERS of the City of Detroit, Wayne County, Michigan, mortgagee, dated the thirteenth day of February, A. D. 1926, and recorded in the office of the Register of Deeds for the County of Oakland and State of Michigan.

MORTGAGE SALE—Default having been made in the terms and conditions of a certain mortgage made by JOSEPH A. OLIVER, of Royal Oak, Oakland County, Michigan, mortgagor, to THE MACCABEES, a Michigan Corporation, of the City of Detroit, Wayne County, Michigan.

MORTGAGE SALE—Default having been made in the terms and conditions of a certain mortgage made by EMERSON E. O'NEILL and LAURA G. O'NEILL, his wife, of Highland Park, Wayne County, Michigan, mortgagors, to THE MACCABEES, a Michigan corporation, of the City of Detroit, Wayne County, Michigan, mortgagee, dated the twenty-first day of January, 1926, and recorded in the office of the Register of Deeds for the County of Oakland, State of Michigan, on the twenty-third day of January, 1926, in Liber 410 of Mortgages, on pages 157-160.

MORTGAGE SALE—Default having been made in the terms and conditions of a certain mortgage made by CLIFFORD W. THOMAS and ALMA E. THOMAS, his wife, of the Village of Ferndale, County of Oakland, State of Michigan, mortgagor, to THE MACCABEES, a Michigan corporation, of the City of Detroit, mortgagee, dated the third day of April, 1926, and recorded in the office of the Register of Deeds for the County of Oakland and State of Michigan, on the ninth day of April, 1926, in Liber 439 of Mortgages, on pages 207-208.

MORTGAGE SALE—Default having been made in the terms and conditions of a certain mortgage made by GEORGE A. GATTIE, mortgagor, to THE FIRST NATIONAL BANK, Mortgagee, dated the twenty-first day of May, A. D. 1924, and recorded in the office of the Register of Deeds for the County of Oakland and State of Michigan, on the third day of June, A. D. 1924, in Liber 306 of Mortgages, on page 545.

MORTGAGE SALE—Default having been made in the terms and conditions of a certain mortgage made by GEORGE BAHRENGE and MARIE M. BAHRENGE, his wife, to LENA SIEVERS of the City of Detroit, Wayne County, Michigan, mortgagee, dated the thirteenth day of February, A. D. 1926, and recorded in the office of the Register of Deeds for the County of Oakland and State of Michigan.

MORTGAGE SALE—Default having been made in the terms and conditions of a certain mortgage made by JOSEPH A. OLIVER, of Royal Oak, Oakland County, Michigan, mortgagor, to THE MACCABEES, a Michigan Corporation, of the City of Detroit, Wayne County, Michigan.

MORTGAGE SALE—Default having been made in the terms and conditions of a certain mortgage made by EMERSON E. O'NEILL and LAURA G. O'NEILL, his wife, of Highland Park, Wayne County, Michigan, mortgagors, to THE MACCABEES, a Michigan corporation, of the City of Detroit, Wayne County, Michigan, mortgagee, dated the twenty-first day of January, 1926, and recorded in the office of the Register of Deeds for the County of Oakland, State of Michigan, on the twenty-third day of January, 1926, in Liber 410 of Mortgages, on pages 157-160.

County, Michigan, Mortgagee, dated the twelfth day of May, 1926, and recorded in the office of the Register of Deeds for the County of Oakland and State of Michigan, on the seventeenth day of May, 1926, in Liber 460 of Mortgages, on page 242-3, on which mortgage there is claimed to be due, at the date of this notice, for principal and interest, the sum of Three Thousand Eight Hundred and Eighty-two and 69/100 Dollars, and an attorney fee as provided for in said mortgage.

THE MACCABEES, Mortgagee. E. J. JEFFRIES, Jr., and E. E. AKEY, Attorneys.

ELEVENTH INSERTION

Yerkes, Goddard, McClintock & Shreve, Attorneys, 609 Fidelity Trust Bldg., Detroit, Mich.

MORTGAGE SALE—Default having been made in the conditions of a certain mortgage made by HARRISON HAMMOND, Jr., and EMMA HAMMOND, his wife, to THE NORTHEASTERN STATE SAVINGS BANK, a corporation, dated the eighth day of December, A. D. 1925, and recorded in the office of the Register of Deeds of the County of Oakland and State of Michigan, on the ninth day of December, A. D. 1925, in Liber 340 of Mortgages, on page 427, on which mortgage there is claimed to be due at the date of this notice the sum of Two Thousand Four Hundred Ninety-five and 63/100 Dollars.

THE NORTHEASTERN STATE SAVINGS BANK, Mortgagee.

Lightner, Oxtoby, Hanley & Crawford, Attorneys, 1401-13 Dime Bank Bldg., Detroit, Mich.

MORTGAGE FORECLOSURE SALE—Default having been made in the conditions of a certain mortgage made by DONALD MORCHA and MARIA MARCORA, his wife, to GUIDO FARINETTI and CATERINA FARINETTI, of Detroit, Michigan, dated the seventeenth day of April, 1926, and recorded in the office of the Register of Deeds for the County of Oakland, State of Michigan.

ARILLA W. SCOTT, Assignee of Mortgagee.

SEVENTEENTH INSERTION

Archer F. Ritchie, Attorney, 156 West Congress Street.

MORTGAGE SALE—Default has been made in the terms and conditions of a mortgage made by DORA PROTHER, of Detroit, Wayne County, Michigan, to PROVIDED WAYNE COUNTY BANK, of Detroit, Michigan, a corporation, organized under the laws of the State of Michigan, Mortgagee, dated the twenty-eighth day of January, A. D. 1926, and recorded in the office of the Register of Deeds for the County of Oakland and State of Michigan, on February 1st, 1926, in Liber 427 of Mortgages, on page 175.

PROVIDED WAYNE COUNTY BANK, Mortgagee. ARCHER F. RITCHIE, Attorney for Mortgagee.

County, Michigan, Mortgagee, dated the twelfth day of May, 1926, and recorded in the office of the Register of Deeds for the County of Oakland and State of Michigan, on the seventeenth day of May, 1926, in Liber 460 of Mortgages, on page 242-3, on which mortgage there is claimed to be due, at the date of this notice, for principal and interest, the sum of Three Thousand Eight Hundred and Eighty-two and 69/100 Dollars, and an attorney fee as provided for in said mortgage.

MORTGAGE SALE—Default having been made in the conditions of a certain mortgage made by HARRISON HAMMOND, Jr., and EMMA HAMMOND, his wife, to THE NORTHEASTERN STATE SAVINGS BANK, a corporation, dated the eighth day of December, A. D. 1925, and recorded in the office of the Register of Deeds of the County of Oakland and State of Michigan, on the ninth day of December, A. D. 1925, in Liber 340 of Mortgages, on page 427, on which mortgage there is claimed to be due at the date of this notice the sum of Two Thousand Four Hundred Ninety-five and 63/100 Dollars.

MORTGAGE FORECLOSURE SALE—Default having been made in the conditions of a certain mortgage made by DONALD MORCHA and MARIA MARCORA, his wife, to GUIDO FARINETTI and CATERINA FARINETTI, of Detroit, Michigan, dated the seventeenth day of April, 1926, and recorded in the office of the Register of Deeds for the County of Oakland, State of Michigan.

MORTGAGE SALE—Default has been made in the terms and conditions of a mortgage made by DORA PROTHER, of Detroit, Wayne County, Michigan, to PROVIDED WAYNE COUNTY BANK, of Detroit, Michigan, a corporation, organized under the laws of the State of Michigan, Mortgagee, dated the twenty-eighth day of January, A. D. 1926, and recorded in the office of the Register of Deeds for the County of Oakland and State of Michigan, on February 1st, 1926, in Liber 427 of Mortgages, on page 175.

County, Michigan, Mortgagee, dated the twelfth day of May, 1926, and recorded in the office of the Register of Deeds for the County of Oakland and State of Michigan, on the seventeenth day of May, 1926, in Liber 460 of Mortgages, on page 242-3, on which mortgage there is claimed to be due, at the date of this notice, for principal and interest, the sum of Three Thousand Eight Hundred and Eighty-two and 69/100 Dollars, and an attorney fee as provided for in said mortgage.

MORTGAGE SALE—Default having been made in the conditions of a certain mortgage made by HARRISON HAMMOND, Jr., and EMMA HAMMOND, his wife, to THE NORTHEASTERN STATE SAVINGS BANK, a corporation, dated the eighth day of December, A. D. 1925, and recorded in the office of the Register of Deeds of the County of Oakland and State of Michigan, on the ninth day of December, A. D. 1925, in Liber 340 of Mortgages, on page 427, on which mortgage there is claimed to be due at the date of this notice the sum of Two Thousand Four Hundred Ninety-five and 63/100 Dollars.

MORTGAGE FORECLOSURE SALE—Default having been made in the conditions of a certain mortgage made by DONALD MORCHA and MARIA MARCORA, his wife, to GUIDO FARINETTI and CATERINA FARINETTI, of Detroit, Michigan, dated the seventeenth day of April, 1926, and recorded in the office of the Register of Deeds for the County of Oakland, State of Michigan.

MORTGAGE SALE—Default has been made in the terms and conditions of a mortgage made by DORA PROTHER, of Detroit, Wayne County, Michigan, to PROVIDED WAYNE COUNTY BANK, of Detroit, Michigan, a corporation, organized under the laws of the State of Michigan, Mortgagee, dated the twenty-eighth day of January, A. D. 1926, and recorded in the office of the Register of Deeds for the County of Oakland and State of Michigan, on February 1st, 1926, in Liber 427 of Mortgages, on page 175.

County, Michigan, Mortgagee, dated the twelfth day of May, 1926, and recorded in the office of the Register of Deeds for the County of Oakland and State of Michigan, on the seventeenth day of May, 1926, in Liber 460 of Mortgages, on page 242-3, on which mortgage there is claimed to be due, at the date of this notice, for principal and interest, the sum of Three Thousand Eight Hundred and Eighty-two and 69/100 Dollars, and an attorney fee as provided for in said mortgage.

MORTGAGE SALE—Default having been made in the conditions of a certain mortgage made by HARRISON HAMMOND, Jr., and EMMA HAMMOND, his wife, to THE NORTHEASTERN STATE SAVINGS BANK, a corporation, dated the eighth day of December, A. D. 1925, and recorded in the office of the Register of Deeds of the County of Oakland and State of Michigan, on the ninth day of December, A. D. 1925, in Liber 340 of Mortgages, on page 427, on which mortgage there is claimed to be due at the date of this notice the sum of Two Thousand Four Hundred Ninety-five and 63/100 Dollars.

MORTGAGE FORECLOSURE SALE—Default having been made in the conditions of a certain mortgage made by DONALD MORCHA and MARIA MARCORA, his wife, to GUIDO FARINETTI and CATERINA FARINETTI, of Detroit, Michigan, dated the seventeenth day of April, 1926, and recorded in the office of the Register of Deeds for the County of Oakland, State of Michigan.

MORTGAGE SALE—Default has been made in the terms and conditions of a mortgage made by DORA PROTHER, of Detroit, Wayne County, Michigan, to PROVIDED WAYNE COUNTY BANK, of Detroit, Michigan, a corporation, organized under the laws of the State of Michigan, Mortgagee, dated the twenty-eighth day of January, A. D. 1926, and recorded in the office of the Register of Deeds for the County of Oakland and State of Michigan, on February 1st, 1926, in Liber 427 of Mortgages, on page 175.

County, Michigan, Mortgagee, dated the twelfth day of May, 1926, and recorded in the office of the Register of Deeds for the County of Oakland and State of Michigan, on the seventeenth day of May, 1926, in Liber 460 of Mortgages, on page 242-3, on which mortgage there is claimed to be due, at the date of this notice, for principal and interest, the sum of Three Thousand Eight Hundred and Eighty-two and 69/100 Dollars, and an attorney fee as provided for in said mortgage.

MORTGAGE SALE—Default having been made in the conditions of a certain mortgage made by HARRISON HAMMOND, Jr., and EMMA HAMMOND, his wife, to THE NORTHEASTERN STATE SAVINGS BANK, a corporation, dated the eighth day of December, A. D. 1925, and recorded in the office of the Register of Deeds of the County of Oakland and State of Michigan, on the ninth day of December, A. D. 1925, in Liber 340 of Mortgages, on page 427, on which mortgage there is claimed to be due at the date of this notice the sum of Two Thousand Four Hundred Ninety-five and 63/100 Dollars.

MORTGAGE FORECLOSURE SALE—Default having been made in the conditions of a certain mortgage made by DONALD MORCHA and MARIA MARCORA, his wife, to GUIDO FARINETTI and CATERINA FARINETTI, of Detroit, Michigan, dated the seventeenth day of April, 1926, and recorded in the office of the Register of Deeds for the County of Oakland, State of Michigan.

MORTGAGE SALE—Default has been made in the terms and conditions of a mortgage made by DORA PROTHER, of Detroit, Wayne County, Michigan, to PROVIDED WAYNE COUNTY BANK, of Detroit, Michigan, a corporation, organized under the laws of the State of Michigan, Mortgagee, dated the twenty-eighth day of January, A. D. 1926, and recorded in the office of the Register of Deeds for the County of Oakland and State of Michigan, on February 1st, 1926, in Liber 427 of Mortgages, on page 175.

County, Michigan, Mortgagee, dated the twelfth day of May, 1926, and recorded in the office of the Register of Deeds for the County of Oakland and State of Michigan, on the seventeenth day of May, 1926, in Liber 460 of Mortgages, on page 242-3, on which mortgage there is claimed to be due, at the date of this notice, for principal and interest, the sum of Three Thousand Eight Hundred and Eighty-two and 69/100 Dollars, and an attorney fee as provided for in said mortgage.

MORTGAGE SALE—Default having been made in the conditions of a certain mortgage made by HARRISON HAMMOND, Jr., and EMMA HAMMOND, his wife, to THE NORTHEASTERN STATE SAVINGS BANK, a corporation, dated the eighth day of December, A. D. 1925, and recorded in the office of the Register of Deeds of the County of Oakland and State of Michigan, on the ninth day of December, A. D. 1925, in Liber 340 of Mortgages, on page 427, on which mortgage there is claimed to be due at the date of this notice the sum of Two Thousand Four Hundred Ninety-five and 63/100 Dollars.

MORTGAGE FORECLOSURE SALE—Default having been made in the conditions of a certain mortgage made by DONALD MORCHA and MARIA MARCORA, his wife, to GUIDO FARINETTI and CATERINA FARINETTI, of Detroit, Michigan, dated the seventeenth day of April, 1926, and recorded in the office of the Register of Deeds for the County of Oakland, State of Michigan.

MORTGAGE SALE—Default has been made in the terms and conditions of a mortgage made by DORA PROTHER, of Detroit, Wayne County, Michigan, to PROVIDED WAYNE COUNTY BANK, of Detroit, Michigan, a corporation, organized under the laws of the State of Michigan, Mortgagee, dated the twenty-eighth day of January, A. D. 1926, and recorded in the office of the Register of Deeds for the County of Oakland and State of Michigan, on February 1st, 1926, in Liber 427 of Mortgages, on page 175.

County, Michigan, Mortgagee, dated the twelfth day of May, 1926, and recorded in the office of the Register of Deeds for the County of Oakland and State of Michigan, on the seventeenth day of May, 1926, in Liber 460 of Mortgages, on page 242-3, on which mortgage there is claimed to be due, at the date of this notice, for principal and interest, the sum of Three Thousand Eight Hundred and Eighty-two and 69/100 Dollars, and an attorney fee as provided for in said mortgage.

MORTGAGE SALE—Default having been made in the conditions of a certain mortgage made by HARRISON HAMMOND, Jr., and EMMA HAMMOND, his wife, to THE NORTHEASTERN STATE SAVINGS BANK, a corporation, dated the eighth day of December, A. D. 1925, and recorded in the office of the Register of Deeds of the County of Oakland and State of Michigan, on the ninth day of December, A. D. 1925, in Liber 340 of Mortgages, on page 427, on which mortgage there is claimed to be due at the date of this notice the sum of Two Thousand Four Hundred Ninety-five and 63/100 Dollars.
